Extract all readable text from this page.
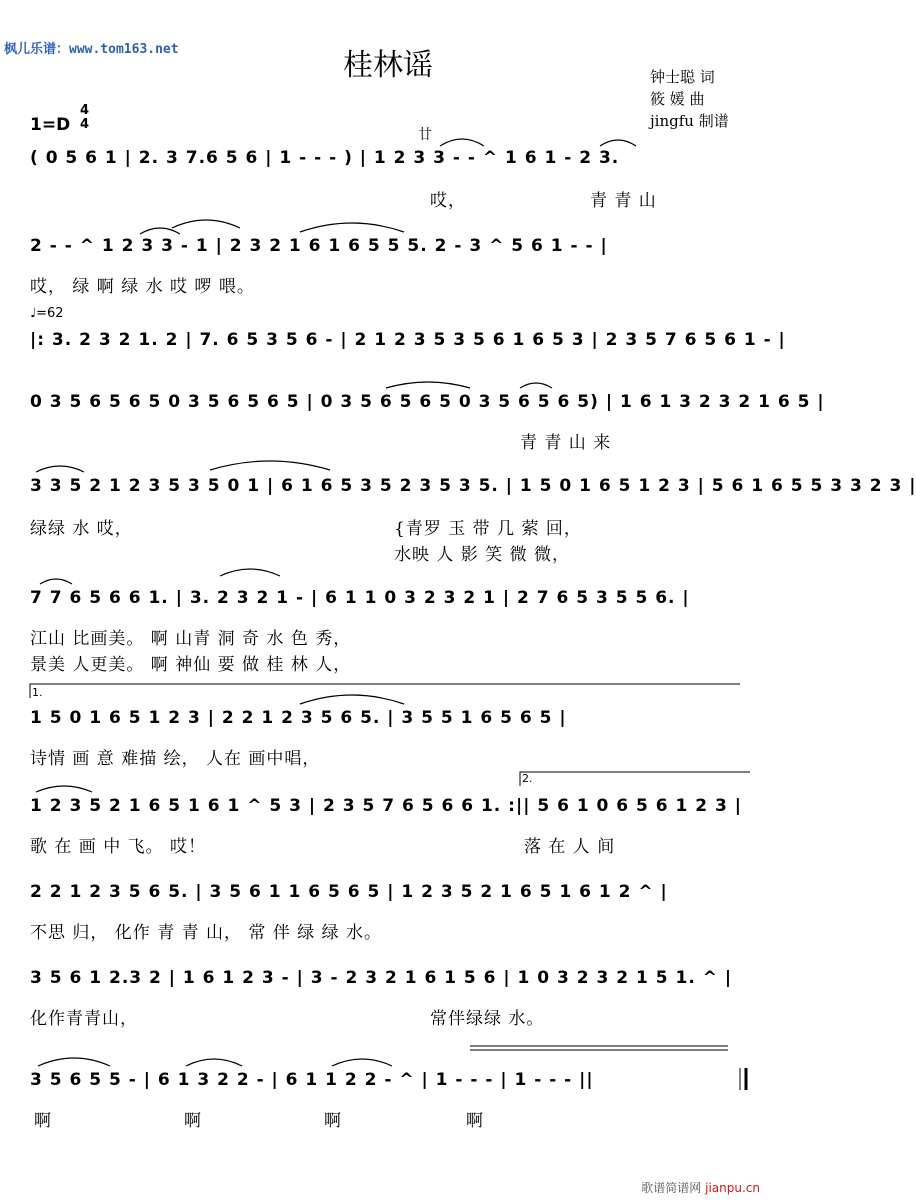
枫儿乐谱：www.tom163.net	桂林谣	钟士聪 词
筱 媛 曲
jingfu 制谱
1=D
4
4
廿
♩=62
( 0 5 6 1 | 2. 3 7.6 5 6 | 1 - - - ) | 1 2 3 3 - - ^ 1 6 1 - 2 3.
哎，	青 青 山
2 - - ^ 1 2 3 3 - 1 | 2 3 2 1 6 1 6 5 5 5. 2 - 3 ^ 5 6 1 - - |
哎， 绿 啊 绿 水 哎 啰 喂。
|: 3. 2 3 2 1. 2 | 7. 6 5 3 5 6 - | 2 1 2 3 5 3 5 6 1 6 5 3 | 2 3 5 7 6 5 6 1 - |
0 3 5 6 5 6 5 0 3 5 6 5 6 5 | 0 3 5 6 5 6 5 0 3 5 6 5 6 5) | 1 6 1 3 2 3 2 1 6 5 |
青 青 山 来
3 3 5 2 1 2 3 5 3 5 0 1 | 6 1 6 5 3 5 2 3 5 3 5. | 1 5 0 1 6 5 1 2 3 | 5 6 1 6 5 5 3 3 2 3 |
绿绿 水 哎，	{青罗 玉 带 几 萦 回，
水映 人 影 笑 微 微，
7 7 6 5 6 6 1. | 3. 2 3 2 1 - | 6 1 1 0 3 2 3 2 1 | 2 7 6 5 3 5 5 6. |
江山 比画美。 啊 山青 洞 奇 水 色 秀，
景美 人更美。 啊 神仙 要 做 桂 林 人，
1.
1 5 0 1 6 5 1 2 3 | 2 2 1 2 3 5 6 5. | 3 5 5 1 6 5 6 5 |
诗情 画 意 难描 绘， 人在 画中唱，
2.
1 2 3 5 2 1 6 5 1 6 1 ^ 5 3 | 2 3 5 7 6 5 6 6 1. :|| 5 6 1 0 6 5 6 1 2 3 |
歌 在 画 中 飞。 哎！	落 在 人 间
2 2 1 2 3 5 6 5. | 3 5 6 1 1 6 5 6 5 | 1 2 3 5 2 1 6 5 1 6 1 2 ^ |
不思 归， 化作 青 青 山， 常 伴 绿 绿 水。
3 5 6 1 2.3 2 | 1 6 1 2 3 - | 3 - 2 3 2 1 6 1 5 6 | 1 0 3 2 3 2 1 5 1. ^ |
化作青青山，	常伴绿绿 水。
3 5 6 5 5 - | 6 1 3 2 2 - | 6 1 1 2 2 - ^ | 1 - - - | 1 - - - ||
啊	啊	啊	啊
歌谱简谱网 jianpu.cn
